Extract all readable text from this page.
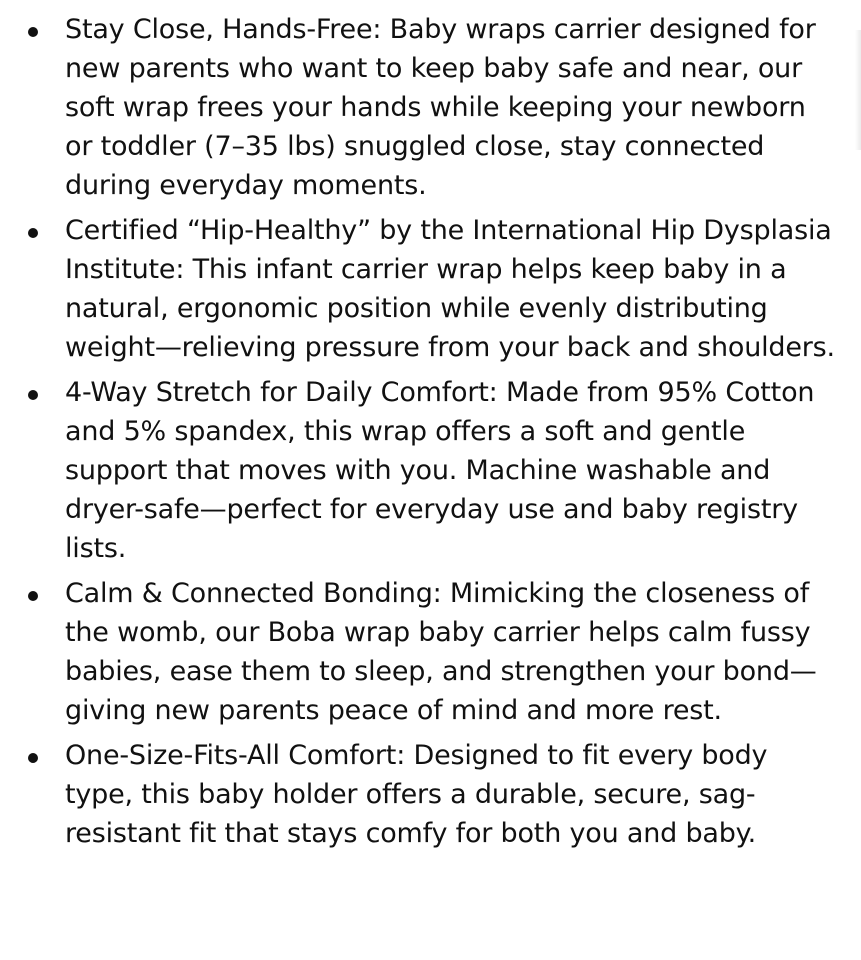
Stay Close, Hands-Free: Baby wraps carrier designed for new parents who want to keep baby safe and near, our soft wrap frees your hands while keeping your newborn or toddler (7–35 lbs) snuggled close, stay connected during everyday moments.
Certified “Hip-Healthy” by the International Hip Dysplasia Institute: This infant carrier wrap helps keep baby in a natural, ergonomic position while evenly distributing weight—relieving pressure from your back and shoulders.
4-Way Stretch for Daily Comfort: Made from 95% Cotton and 5% spandex, this wrap offers a soft and gentle support that moves with you. Machine washable and dryer-safe—perfect for everyday use and baby registry lists.
Calm & Connected Bonding: Mimicking the closeness of the womb, our Boba wrap baby carrier helps calm fussy babies, ease them to sleep, and strengthen your bond—giving new parents peace of mind and more rest.
One-Size-Fits-All Comfort: Designed to fit every body type, this baby holder offers a durable, secure, sag-resistant fit that stays comfy for both you and baby.
